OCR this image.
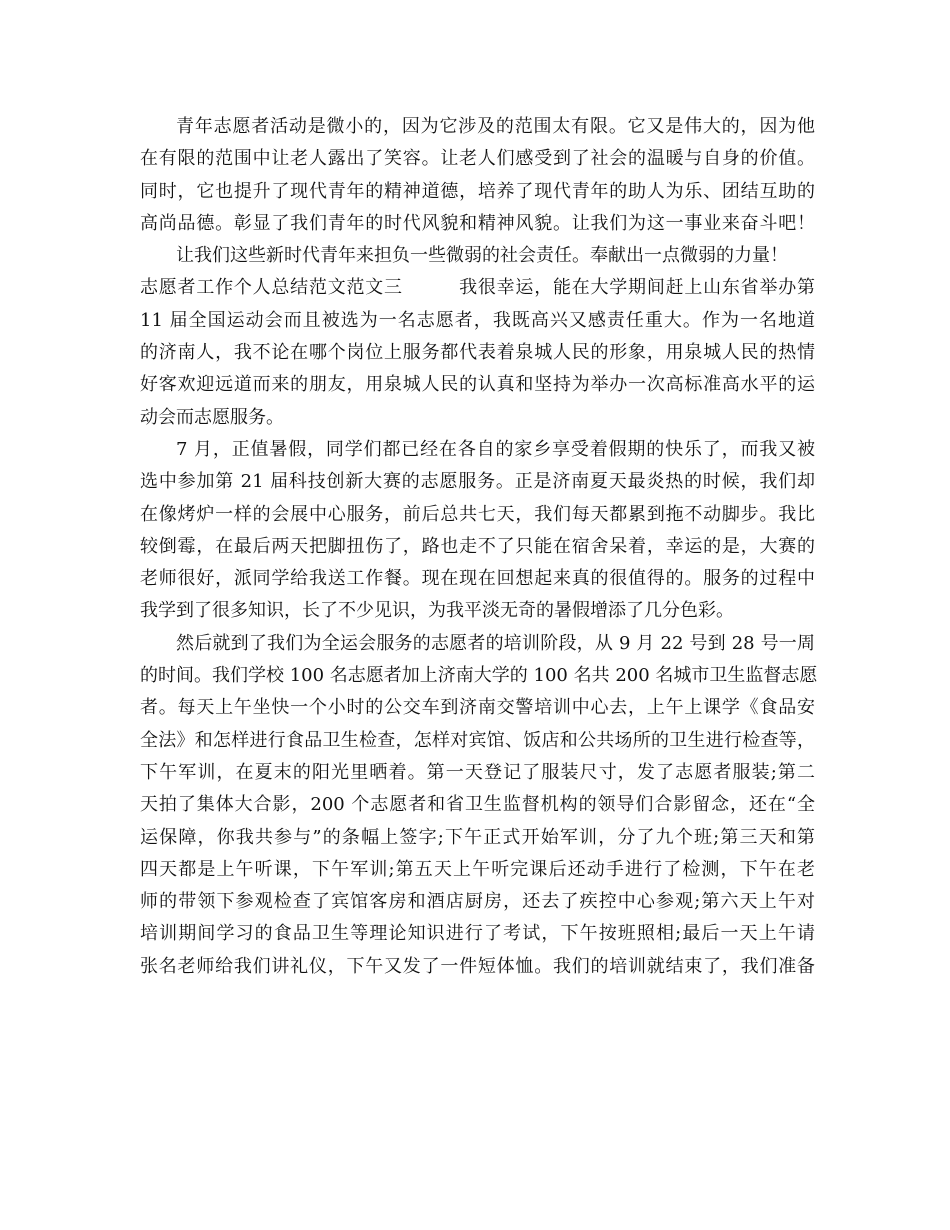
青年志愿者活动是微小的，因为它涉及的范围太有限。它又是伟大的，因为他
在有限的范围中让老人露出了笑容。让老人们感受到了社会的温暖与自身的价值。
同时，它也提升了现代青年的精神道德，培养了现代青年的助人为乐、团结互助的
高尚品德。彰显了我们青年的时代风貌和精神风貌。让我们为这一事业来奋斗吧！
让我们这些新时代青年来担负一些微弱的社会责任。奉献出一点微弱的力量！
志愿者工作个人总结范文范文三　　　我很幸运，能在大学期间赶上山东省举办第
11 届全国运动会而且被选为一名志愿者，我既高兴又感责任重大。作为一名地道
的济南人，我不论在哪个岗位上服务都代表着泉城人民的形象，用泉城人民的热情
好客欢迎远道而来的朋友，用泉城人民的认真和坚持为举办一次高标准高水平的运
动会而志愿服务。
7 月，正值暑假，同学们都已经在各自的家乡享受着假期的快乐了，而我又被
选中参加第 21 届科技创新大赛的志愿服务。正是济南夏天最炎热的时候，我们却
在像烤炉一样的会展中心服务，前后总共七天，我们每天都累到拖不动脚步。我比
较倒霉，在最后两天把脚扭伤了，路也走不了只能在宿舍呆着，幸运的是，大赛的
老师很好，派同学给我送工作餐。现在现在回想起来真的很值得的。服务的过程中
我学到了很多知识，长了不少见识，为我平淡无奇的暑假增添了几分色彩。
然后就到了我们为全运会服务的志愿者的培训阶段，从 9 月 22 号到 28 号一周
的时间。我们学校 100 名志愿者加上济南大学的 100 名共 200 名城市卫生监督志愿
者。每天上午坐快一个小时的公交车到济南交警培训中心去，上午上课学《食品安
全法》和怎样进行食品卫生检查，怎样对宾馆、饭店和公共场所的卫生进行检查等，
下午军训，在夏末的阳光里晒着。第一天登记了服装尺寸，发了志愿者服装;第二
天拍了集体大合影，200 个志愿者和省卫生监督机构的领导们合影留念，还在“全
运保障，你我共参与”的条幅上签字;下午正式开始军训，分了九个班;第三天和第
四天都是上午听课，下午军训;第五天上午听完课后还动手进行了检测，下午在老
师的带领下参观检查了宾馆客房和酒店厨房，还去了疾控中心参观;第六天上午对
培训期间学习的食品卫生等理论知识进行了考试，下午按班照相;最后一天上午请
张名老师给我们讲礼仪，下午又发了一件短体恤。我们的培训就结束了，我们准备
